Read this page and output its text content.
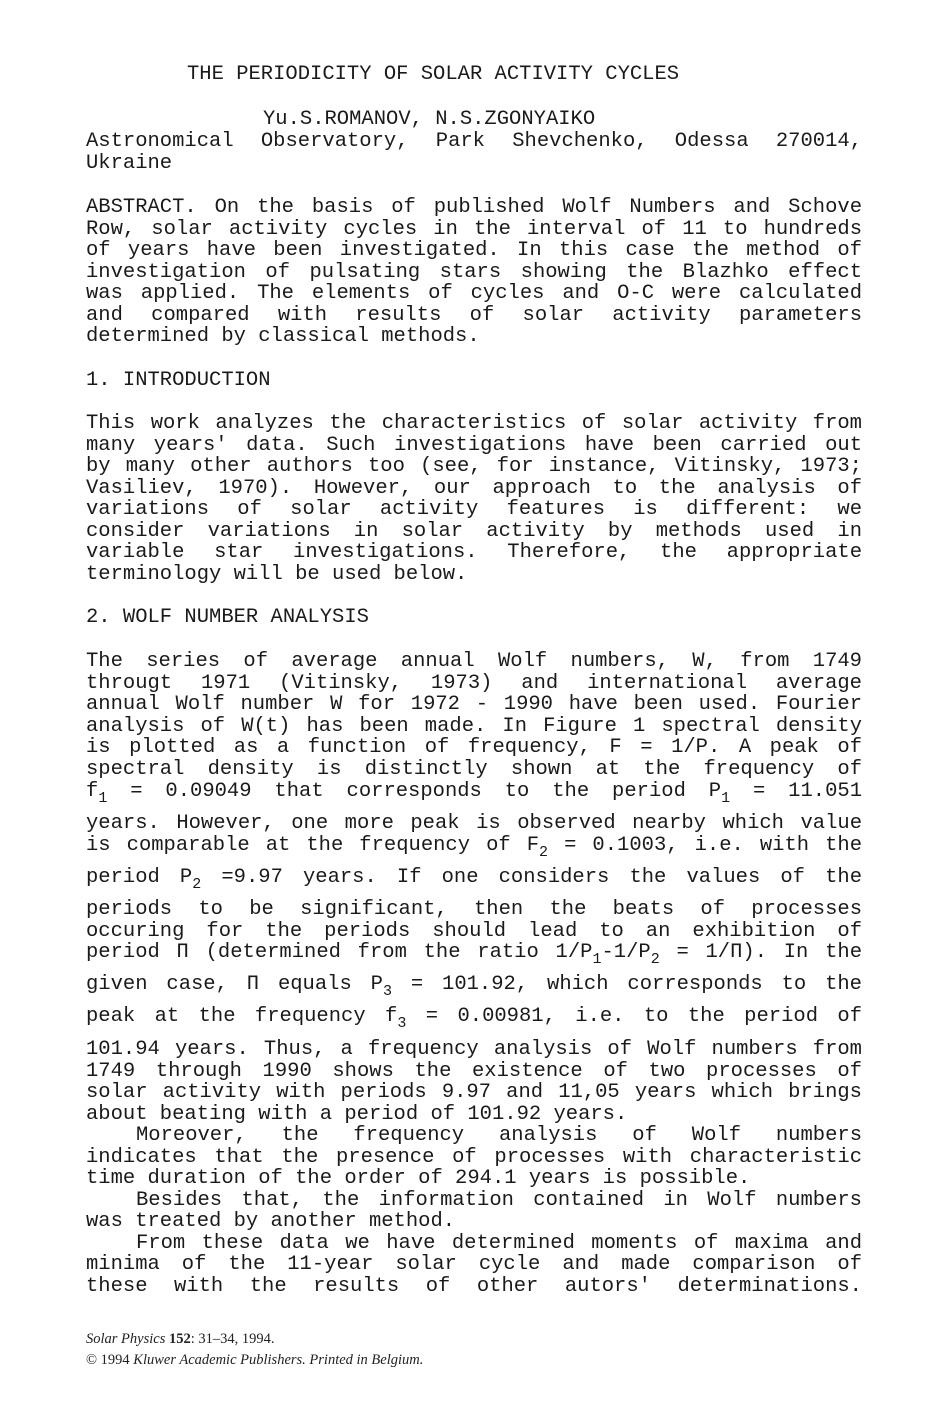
THE PERIODICITY OF SOLAR ACTIVITY CYCLES
Yu.S.ROMANOV, N.S.ZGONYAIKO
Astronomical Observatory, Park Shevchenko, Odessa 270014,
Ukraine
ABSTRACT. On the basis of published Wolf Numbers and Schove
Row, solar activity cycles in the interval of 11 to hundreds
of years have been investigated. In this case the method of
investigation of pulsating stars showing the Blazhko effect
was applied. The elements of cycles and O-C were calculated
and compared with results of solar activity parameters
determined by classical methods.
1. INTRODUCTION
This work analyzes the characteristics of solar activity from
many years' data. Such investigations have been carried out
by many other authors too (see, for instance, Vitinsky, 1973;
Vasiliev, 1970). However, our approach to the analysis of
variations of solar activity features is different: we
consider variations in solar activity by methods used in
variable star investigations. Therefore, the appropriate
terminology will be used below.
2. WOLF NUMBER ANALYSIS
The series of average annual Wolf numbers, W, from 1749
througt 1971 (Vitinsky, 1973) and international average
annual Wolf number W for 1972 - 1990 have been used. Fourier
analysis of W(t) has been made. In Figure 1 spectral density
is plotted as a function of frequency, F = 1/P. A peak of
spectral density is distinctly shown at the frequency of
$f_1 = 0.09049$ that corresponds to the period $P_1 = 11.051$
years. However, one more peak is observed nearby which value
is comparable at the frequency of $F_2 = 0.1003$, i.e. with the
period $P_2 =9.97$ years. If one considers the values of the
periods to be significant, then the beats of processes
occuring for the periods should lead to an exhibition of
period Π (determined from the ratio $1/P_1-1/P_2 = 1/\Pi$). In the
given case, Π equals $P_3 = 101.92$, which corresponds to the
peak at the frequency $f_3 = 0.00981$, i.e. to the period of
101.94 years. Thus, a frequency analysis of Wolf numbers from
1749 through 1990 shows the existence of two processes of
solar activity with periods 9.97 and 11,05 years which brings
about beating with a period of 101.92 years.
Moreover, the frequency analysis of Wolf numbers
indicates that the presence of processes with characteristic
time duration of the order of 294.1 years is possible.
Besides that, the information contained in Wolf numbers
was treated by another method.
From these data we have determined moments of maxima and
minima of the 11-year solar cycle and made comparison of
these with the results of other autors' determinations.
Solar Physics 152: 31–34, 1994.
© 1994 Kluwer Academic Publishers. Printed in Belgium.
